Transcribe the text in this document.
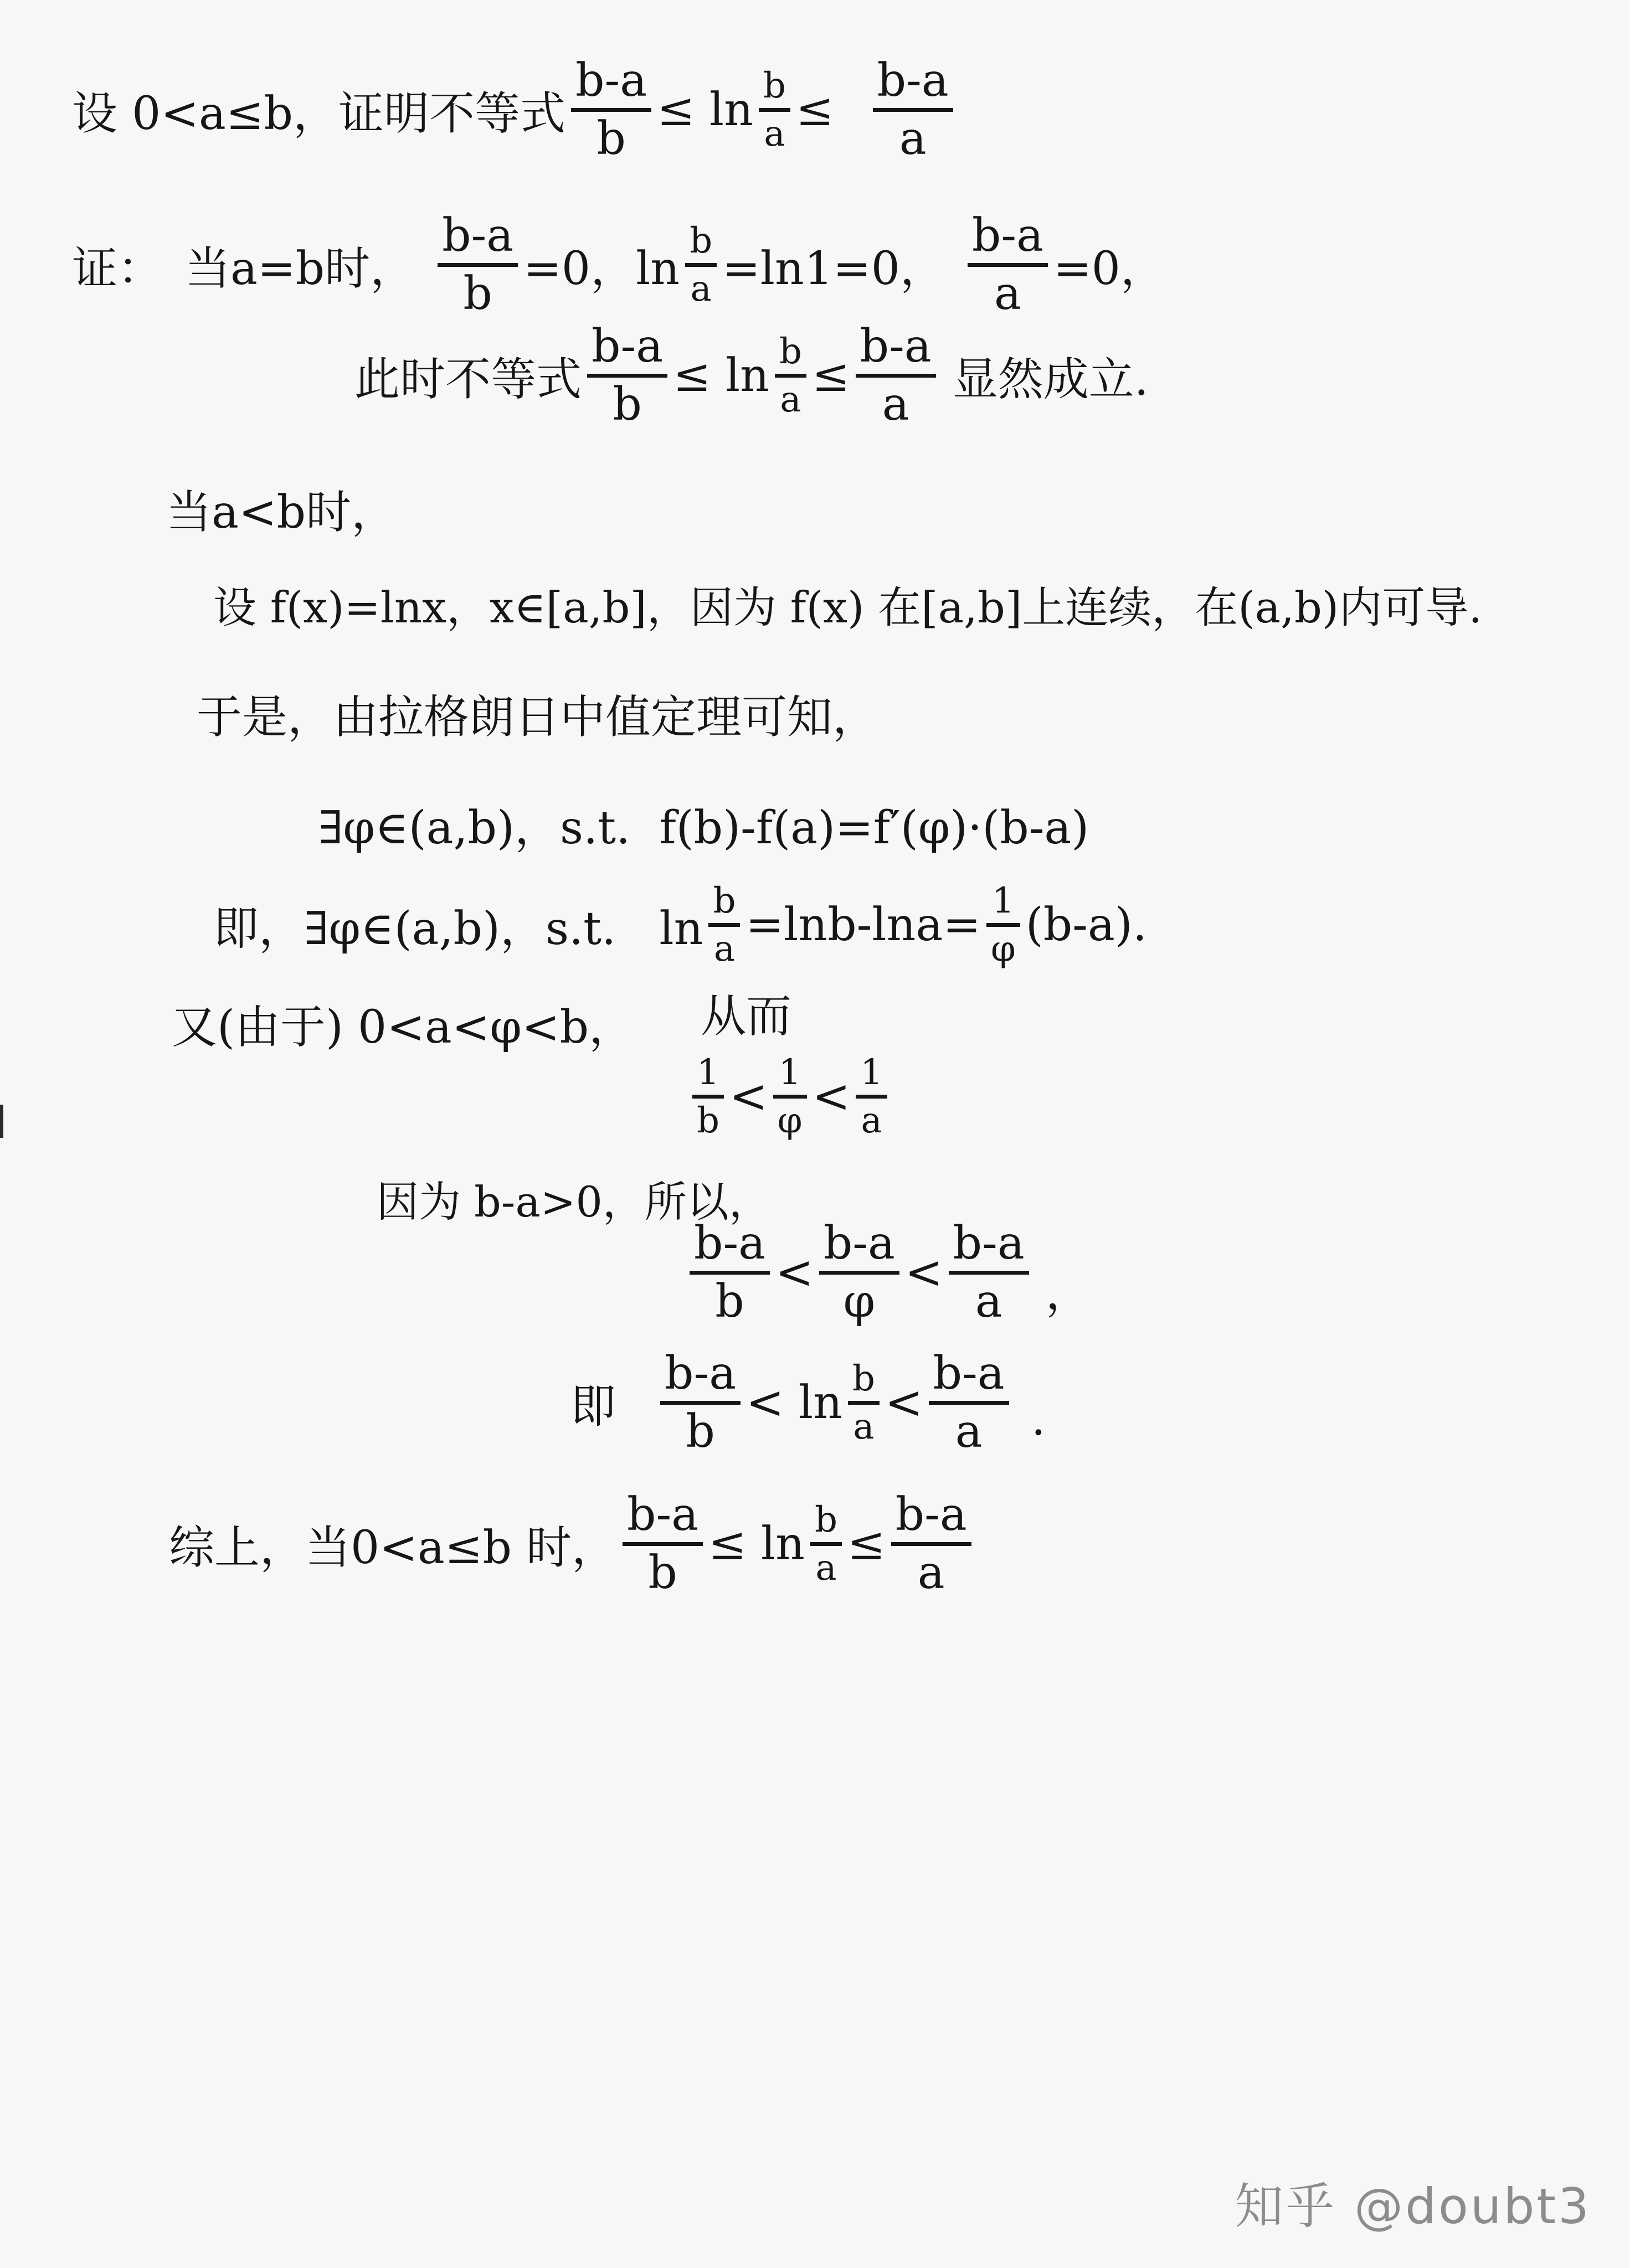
设 0<a≤b，证明不等式
b-a
b
≤ ln b
a ≤
b-a
a
证： 当a=b时，
b-a
b =0，ln
b
a =ln1=0，
b-a
a =0，
此时不等式
b-a
b
≤ ln b
a ≤
b-a
a 显然成立.
当a<b时，
设 f(x)=lnx，x∈[a,b]，因为 f(x) 在[a,b]上连续，在(a,b)内可导.
于是，由拉格朗日中值定理可知，
∃φ∈(a,b)，s.t.  f(b)-f(a)=f′(φ)·(b-a)
即，∃φ∈(a,b)，s.t.   ln
b
a =lnb-lna= 1
φ (b-a).
又(由于) 0<a<φ<b， 从而
1
b < 1
φ < 1
a
因为 b-a>0，所以，
b-a
b
<
b-a
φ
<
b-a
a ，
即
b-a
b
< ln b
a <
b-a
a .
综上，当0<a≤b 时，
b-a
b
≤ ln b
a ≤
b-a
a
知乎 @doubt3
